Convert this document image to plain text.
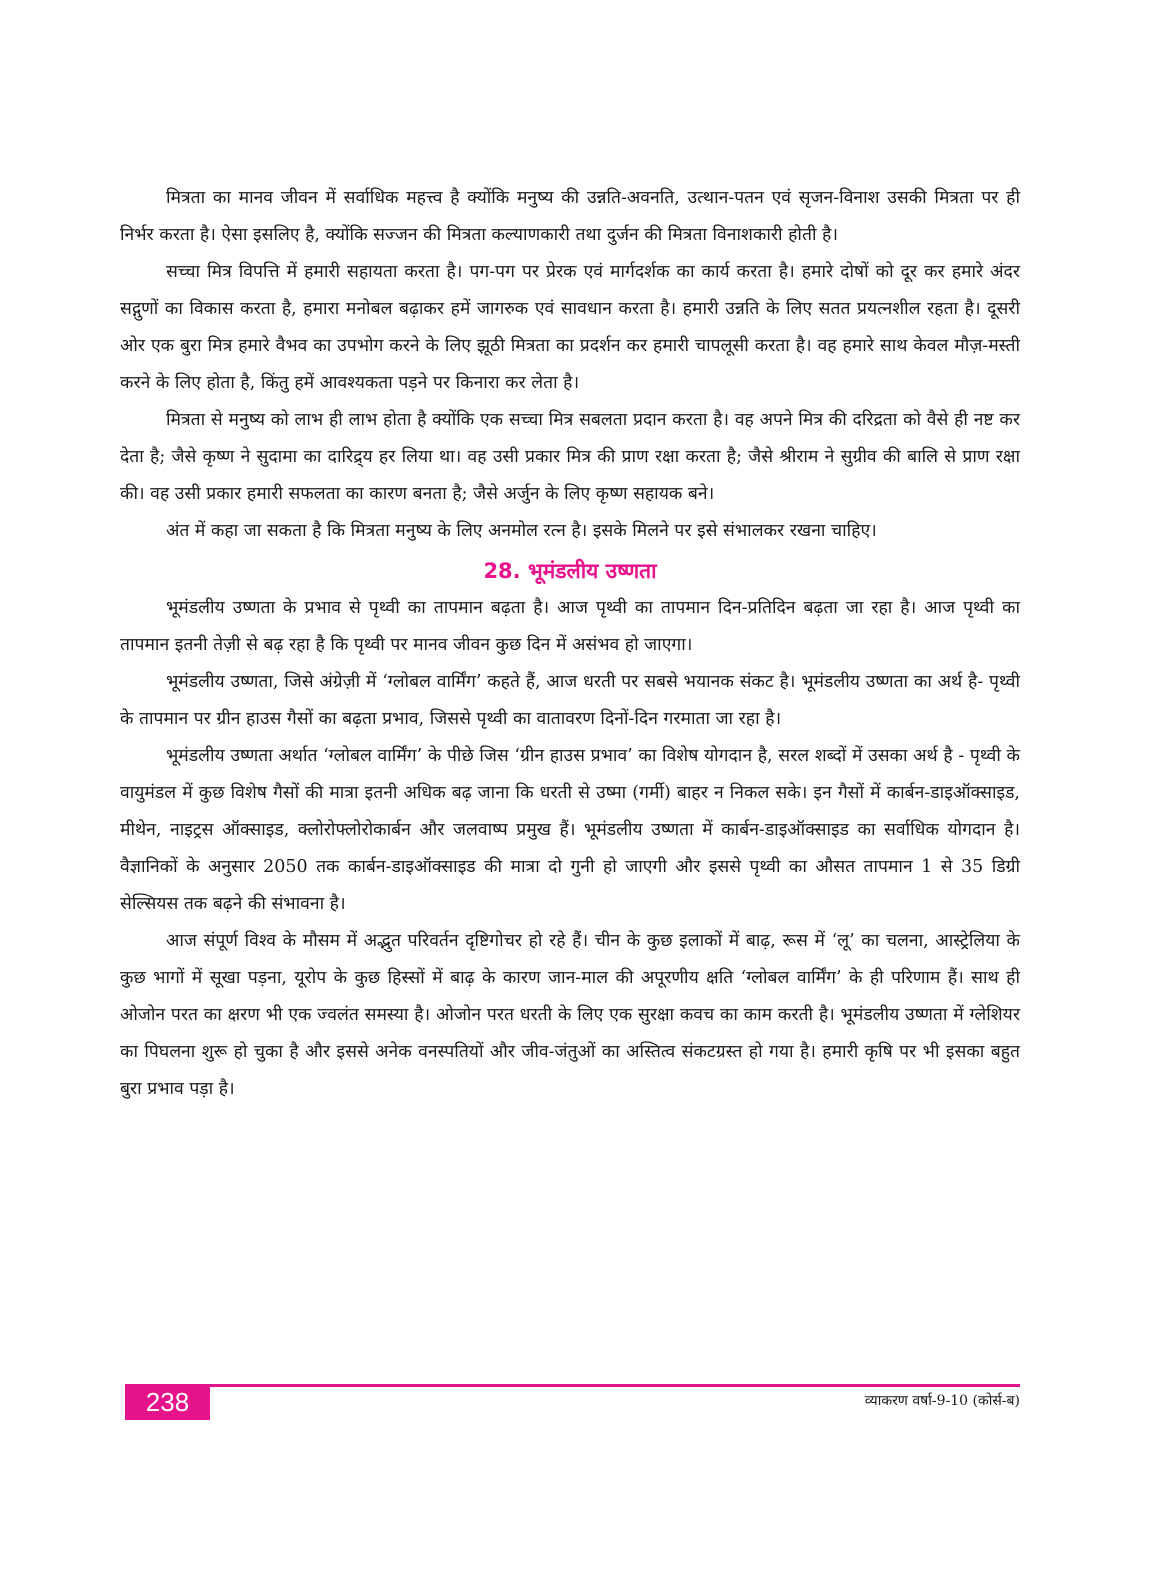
मित्रता का मानव जीवन में सर्वाधिक महत्त्व है क्योंकि मनुष्य की उन्नति-अवनति, उत्थान-पतन एवं सृजन-विनाश उसकी मित्रता पर ही निर्भर करता है। ऐसा इसलिए है, क्योंकि सज्जन की मित्रता कल्याणकारी तथा दुर्जन की मित्रता विनाशकारी होती है।

सच्चा मित्र विपत्ति में हमारी सहायता करता है। पग-पग पर प्रेरक एवं मार्गदर्शक का कार्य करता है। हमारे दोषों को दूर कर हमारे अंदर सद्गुणों का विकास करता है, हमारा मनोबल बढ़ाकर हमें जागरुक एवं सावधान करता है। हमारी उन्नति के लिए सतत प्रयत्नशील रहता है। दूसरी ओर एक बुरा मित्र हमारे वैभव का उपभोग करने के लिए झूठी मित्रता का प्रदर्शन कर हमारी चापलूसी करता है। वह हमारे साथ केवल मौज़-मस्ती करने के लिए होता है, किंतु हमें आवश्यकता पड़ने पर किनारा कर लेता है।

मित्रता से मनुष्य को लाभ ही लाभ होता है क्योंकि एक सच्चा मित्र सबलता प्रदान करता है। वह अपने मित्र की दरिद्रता को वैसे ही नष्ट कर देता है; जैसे कृष्ण ने सुदामा का दारिद्र्य हर लिया था। वह उसी प्रकार मित्र की प्राण रक्षा करता है; जैसे श्रीराम ने सुग्रीव की बालि से प्राण रक्षा की। वह उसी प्रकार हमारी सफलता का कारण बनता है; जैसे अर्जुन के लिए कृष्ण सहायक बने।

अंत में कहा जा सकता है कि मित्रता मनुष्य के लिए अनमोल रत्न है। इसके मिलने पर इसे संभालकर रखना चाहिए।

28. भूमंडलीय उष्णता

भूमंडलीय उष्णता के प्रभाव से पृथ्वी का तापमान बढ़ता है। आज पृथ्वी का तापमान दिन-प्रतिदिन बढ़ता जा रहा है। आज पृथ्वी का तापमान इतनी तेज़ी से बढ़ रहा है कि पृथ्वी पर मानव जीवन कुछ दिन में असंभव हो जाएगा।

भूमंडलीय उष्णता, जिसे अंग्रेज़ी में ‘ग्लोबल वार्मिंग’ कहते हैं, आज धरती पर सबसे भयानक संकट है। भूमंडलीय उष्णता का अर्थ है- पृथ्वी के तापमान पर ग्रीन हाउस गैसों का बढ़ता प्रभाव, जिससे पृथ्वी का वातावरण दिनों-दिन गरमाता जा रहा है।

भूमंडलीय उष्णता अर्थात ‘ग्लोबल वार्मिंग’ के पीछे जिस ‘ग्रीन हाउस प्रभाव’ का विशेष योगदान है, सरल शब्दों में उसका अर्थ है - पृथ्वी के वायुमंडल में कुछ विशेष गैसों की मात्रा इतनी अधिक बढ़ जाना कि धरती से उष्मा (गर्मी) बाहर न निकल सके। इन गैसों में कार्बन-डाइऑक्साइड, मीथेन, नाइट्रस ऑक्साइड, क्लोरोफ्लोरोकार्बन और जलवाष्प प्रमुख हैं। भूमंडलीय उष्णता में कार्बन-डाइऑक्साइड का सर्वाधिक योगदान है। वैज्ञानिकों के अनुसार 2050 तक कार्बन-डाइऑक्साइड की मात्रा दो गुनी हो जाएगी और इससे पृथ्वी का औसत तापमान 1 से 35 डिग्री सेल्सियस तक बढ़ने की संभावना है।

आज संपूर्ण विश्व के मौसम में अद्भुत परिवर्तन दृष्टिगोचर हो रहे हैं। चीन के कुछ इलाकों में बाढ़, रूस में ‘लू’ का चलना, आस्ट्रेलिया के कुछ भागों में सूखा पड़ना, यूरोप के कुछ हिस्सों में बाढ़ के कारण जान-माल की अपूरणीय क्षति ‘ग्लोबल वार्मिंग’ के ही परिणाम हैं। साथ ही ओजोन परत का क्षरण भी एक ज्वलंत समस्या है। ओजोन परत धरती के लिए एक सुरक्षा कवच का काम करती है। भूमंडलीय उष्णता में ग्लेशियर का पिघलना शुरू हो चुका है और इससे अनेक वनस्पतियों और जीव-जंतुओं का अस्तित्व संकटग्रस्त हो गया है। हमारी कृषि पर भी इसका बहुत बुरा प्रभाव पड़ा है।

238	व्याकरण वर्षा-9-10 (कोर्स-ब)
